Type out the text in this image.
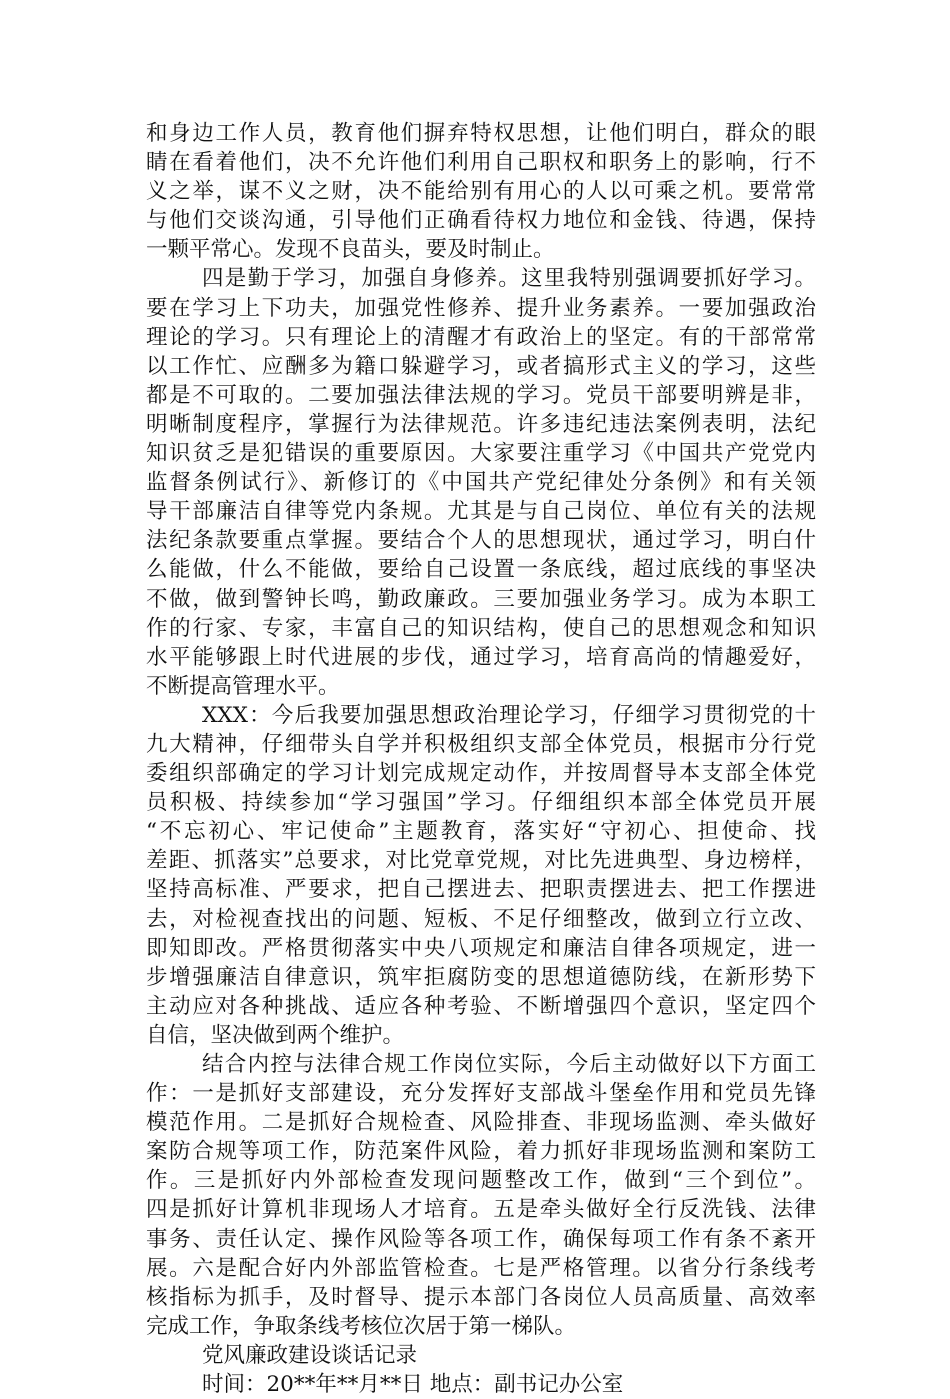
和身边工作人员，教育他们摒弃特权思想，让他们明白，群众的眼
睛在看着他们，决不允许他们利用自己职权和职务上的影响，行不
义之举，谋不义之财，决不能给别有用心的人以可乘之机。要常常
与他们交谈沟通，引导他们正确看待权力地位和金钱、待遇，保持
一颗平常心。发现不良苗头，要及时制止。
四是勤于学习，加强自身修养。这里我特别强调要抓好学习。
要在学习上下功夫，加强党性修养、提升业务素养。一要加强政治
理论的学习。只有理论上的清醒才有政治上的坚定。有的干部常常
以工作忙、应酬多为籍口躲避学习，或者搞形式主义的学习，这些
都是不可取的。二要加强法律法规的学习。党员干部要明辨是非，
明晰制度程序，掌握行为法律规范。许多违纪违法案例表明，法纪
知识贫乏是犯错误的重要原因。大家要注重学习《中国共产党党内
监督条例试行》、新修订的《中国共产党纪律处分条例》和有关领
导干部廉洁自律等党内条规。尤其是与自己岗位、单位有关的法规
法纪条款要重点掌握。要结合个人的思想现状，通过学习，明白什
么能做，什么不能做，要给自己设置一条底线，超过底线的事坚决
不做，做到警钟长鸣，勤政廉政。三要加强业务学习。成为本职工
作的行家、专家，丰富自己的知识结构，使自己的思想观念和知识
水平能够跟上时代进展的步伐，通过学习，培育高尚的情趣爱好，
不断提高管理水平。
XXX：今后我要加强思想政治理论学习，仔细学习贯彻党的十
九大精神，仔细带头自学并积极组织支部全体党员，根据市分行党
委组织部确定的学习计划完成规定动作，并按周督导本支部全体党
员积极、持续参加“学习强国”学习。仔细组织本部全体党员开展
“不忘初心、牢记使命”主题教育，落实好“守初心、担使命、找
差距、抓落实”总要求，对比党章党规，对比先进典型、身边榜样，
坚持高标准、严要求，把自己摆进去、把职责摆进去、把工作摆进
去，对检视查找出的问题、短板、不足仔细整改，做到立行立改、
即知即改。严格贯彻落实中央八项规定和廉洁自律各项规定，进一
步增强廉洁自律意识，筑牢拒腐防变的思想道德防线，在新形势下
主动应对各种挑战、适应各种考验、不断增强四个意识，坚定四个
自信，坚决做到两个维护。
结合内控与法律合规工作岗位实际，今后主动做好以下方面工
作：一是抓好支部建设，充分发挥好支部战斗堡垒作用和党员先锋
模范作用。二是抓好合规检查、风险排查、非现场监测、牵头做好
案防合规等项工作，防范案件风险，着力抓好非现场监测和案防工
作。三是抓好内外部检查发现问题整改工作，做到“三个到位”。
四是抓好计算机非现场人才培育。五是牵头做好全行反洗钱、法律
事务、责任认定、操作风险等各项工作，确保每项工作有条不紊开
展。六是配合好内外部监管检查。七是严格管理。以省分行条线考
核指标为抓手，及时督导、提示本部门各岗位人员高质量、高效率
完成工作，争取条线考核位次居于第一梯队。
党风廉政建设谈话记录
时间：20**年**月**日 地点：副书记办公室
